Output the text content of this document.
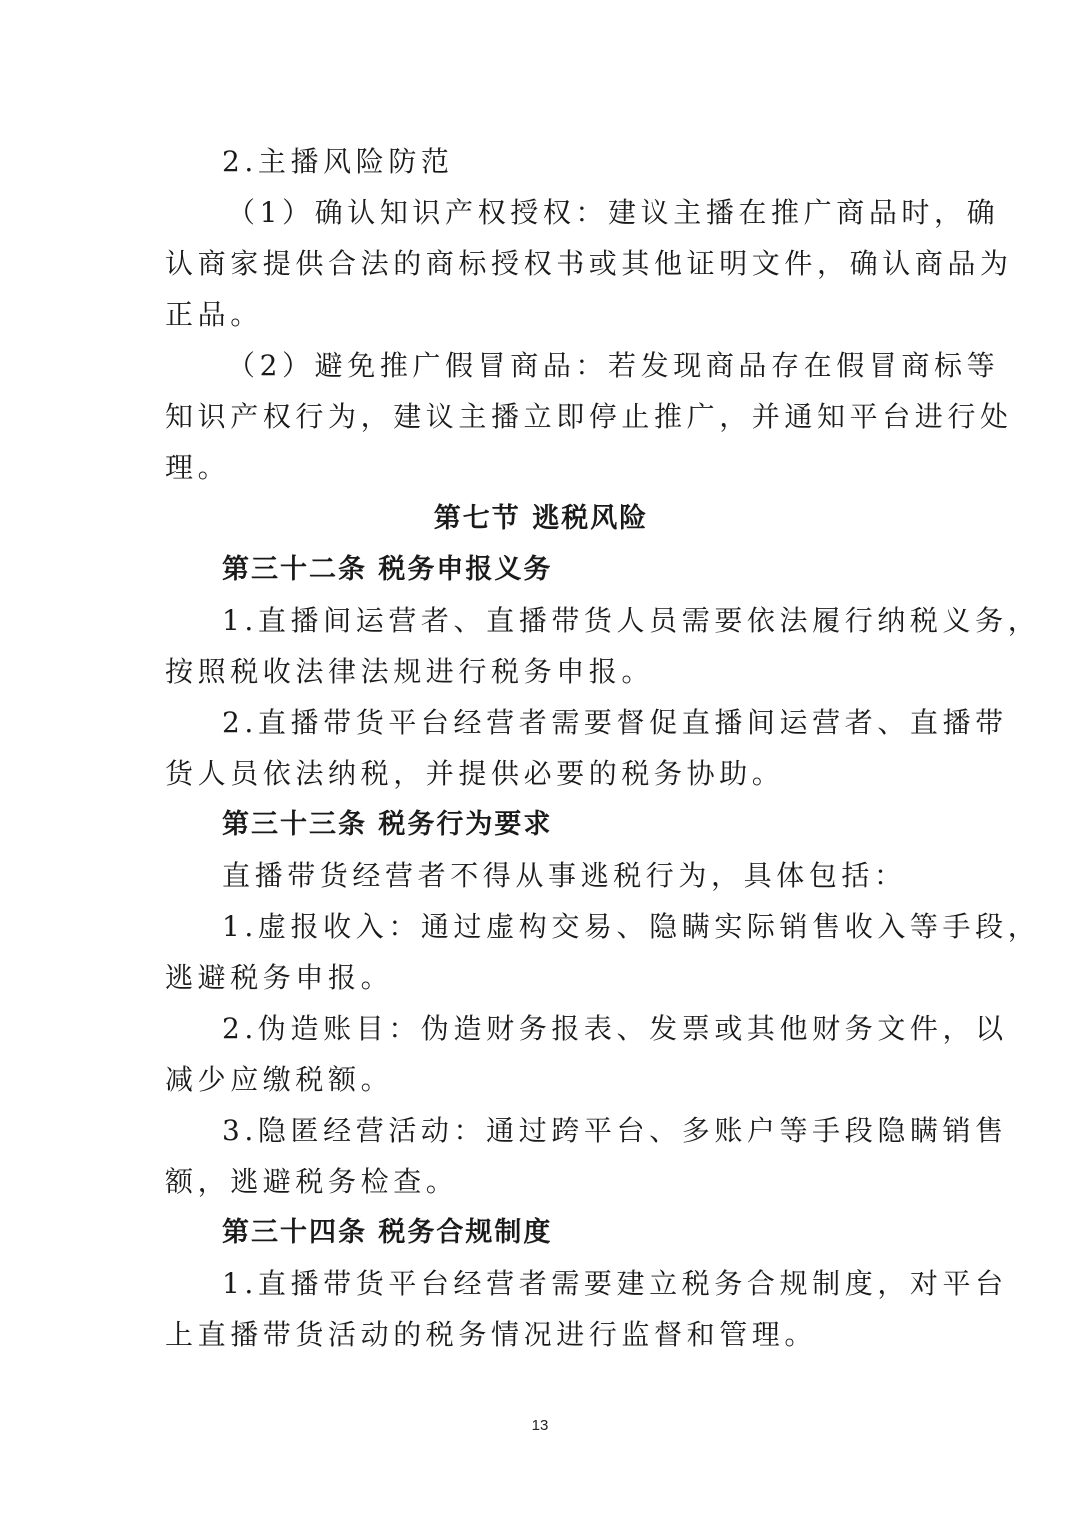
2.主播风险防范
（1）确认知识产权授权：建议主播在推广商品时，确
认商家提供合法的商标授权书或其他证明文件，确认商品为
正品。
（2）避免推广假冒商品：若发现商品存在假冒商标等
知识产权行为，建议主播立即停止推广，并通知平台进行处
理。
第七节 逃税风险
第三十二条 税务申报义务
1.直播间运营者、直播带货人员需要依法履行纳税义务，
按照税收法律法规进行税务申报。
2.直播带货平台经营者需要督促直播间运营者、直播带
货人员依法纳税，并提供必要的税务协助。
第三十三条 税务行为要求
直播带货经营者不得从事逃税行为，具体包括：
1.虚报收入：通过虚构交易、隐瞒实际销售收入等手段，
逃避税务申报。
2.伪造账目：伪造财务报表、发票或其他财务文件，以
减少应缴税额。
3.隐匿经营活动：通过跨平台、多账户等手段隐瞒销售
额，逃避税务检查。
第三十四条 税务合规制度
1.直播带货平台经营者需要建立税务合规制度，对平台
上直播带货活动的税务情况进行监督和管理。
13
